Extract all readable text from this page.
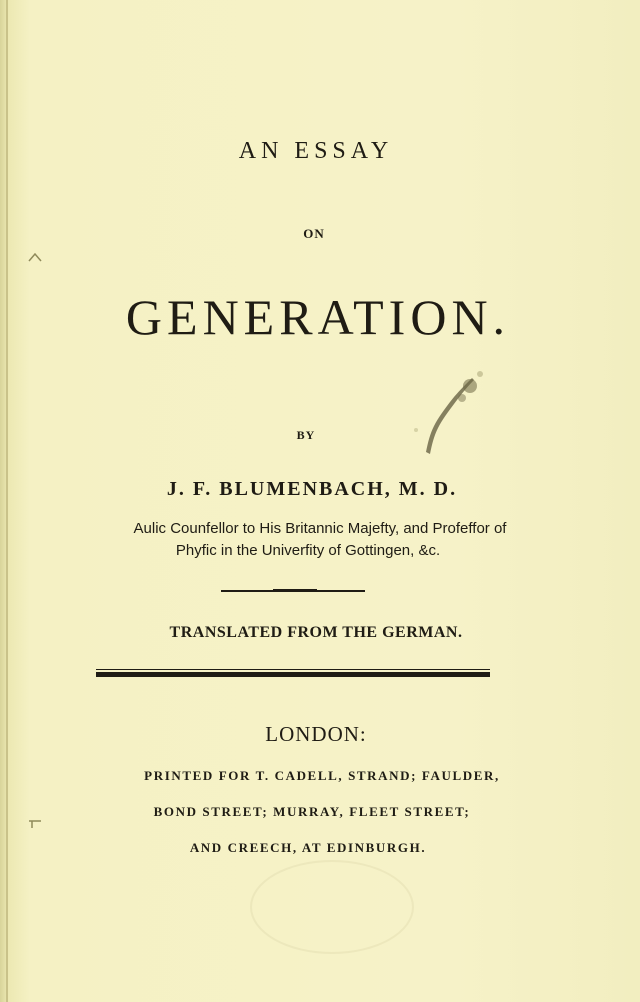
AN ESSAY
ON
GENERATION.
BY
J. F. BLUMENBACH, M. D.
Aulic Counfellor to His Britannic Majefty, and Profeffor of
Phyfic in the Univerfity of Gottingen, &c.
TRANSLATED FROM THE GERMAN.
LONDON:
PRINTED FOR T. CADELL, STRAND; FAULDER,
BOND STREET; MURRAY, FLEET STREET;
AND CREECH, AT EDINBURGH.
